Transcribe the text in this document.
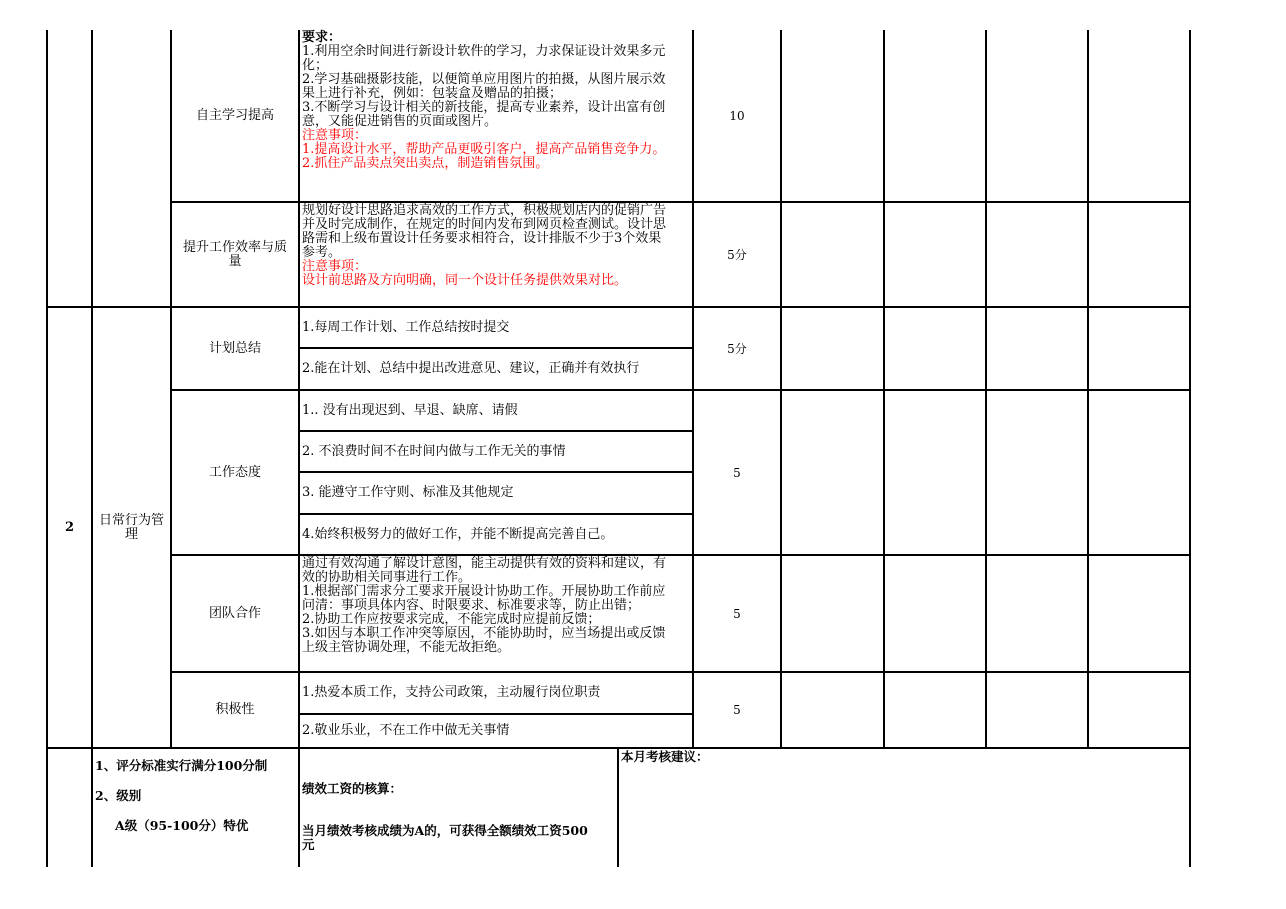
自主学习提高
要求：
1.利用空余时间进行新设计软件的学习，力求保证设计效果多元
化；
2.学习基础摄影技能，以便简单应用图片的拍摄，从图片展示效
果上进行补充，例如：包装盒及赠品的拍摄；
3.不断学习与设计相关的新技能，提高专业素养，设计出富有创
意，又能促进销售的页面或图片。
注意事项：
1.提高设计水平，帮助产品更吸引客户，提高产品销售竞争力。
2.抓住产品卖点突出卖点，制造销售氛围。
10
提升工作效率与质量
规划好设计思路追求高效的工作方式，积极规划店内的促销广告
并及时完成制作，在规定的时间内发布到网页检查测试。设计思
路需和上级布置设计任务要求相符合，设计排版不少于3个效果
参考。
注意事项：
设计前思路及方向明确，同一个设计任务提供效果对比。
5分
2 日常行为管理
计划总结
1.每周工作计划、工作总结按时提交
2.能在计划、总结中提出改进意见、建议，正确并有效执行
5分
工作态度
1.. 没有出现迟到、早退、缺席、请假
2. 不浪费时间不在时间内做与工作无关的事情
3. 能遵守工作守则、标准及其他规定
4.始终积极努力的做好工作，并能不断提高完善自己。
5
团队合作
通过有效沟通了解设计意图，能主动提供有效的资料和建议，有
效的协助相关同事进行工作。
1.根据部门需求分工要求开展设计协助工作。开展协助工作前应
问清：事项具体内容、时限要求、标准要求等，防止出错；
2.协助工作应按要求完成，不能完成时应提前反馈；
3.如因与本职工作冲突等原因，不能协助时，应当场提出或反馈
上级主管协调处理，不能无故拒绝。
5
积极性
1.热爱本质工作，支持公司政策，主动履行岗位职责
2.敬业乐业，不在工作中做无关事情
5
1、评分标准实行满分100分制
2、级别
A级（95-100分）特优
绩效工资的核算：
当月绩效考核成绩为A的，可获得全额绩效工资500
元
本月考核建议：
